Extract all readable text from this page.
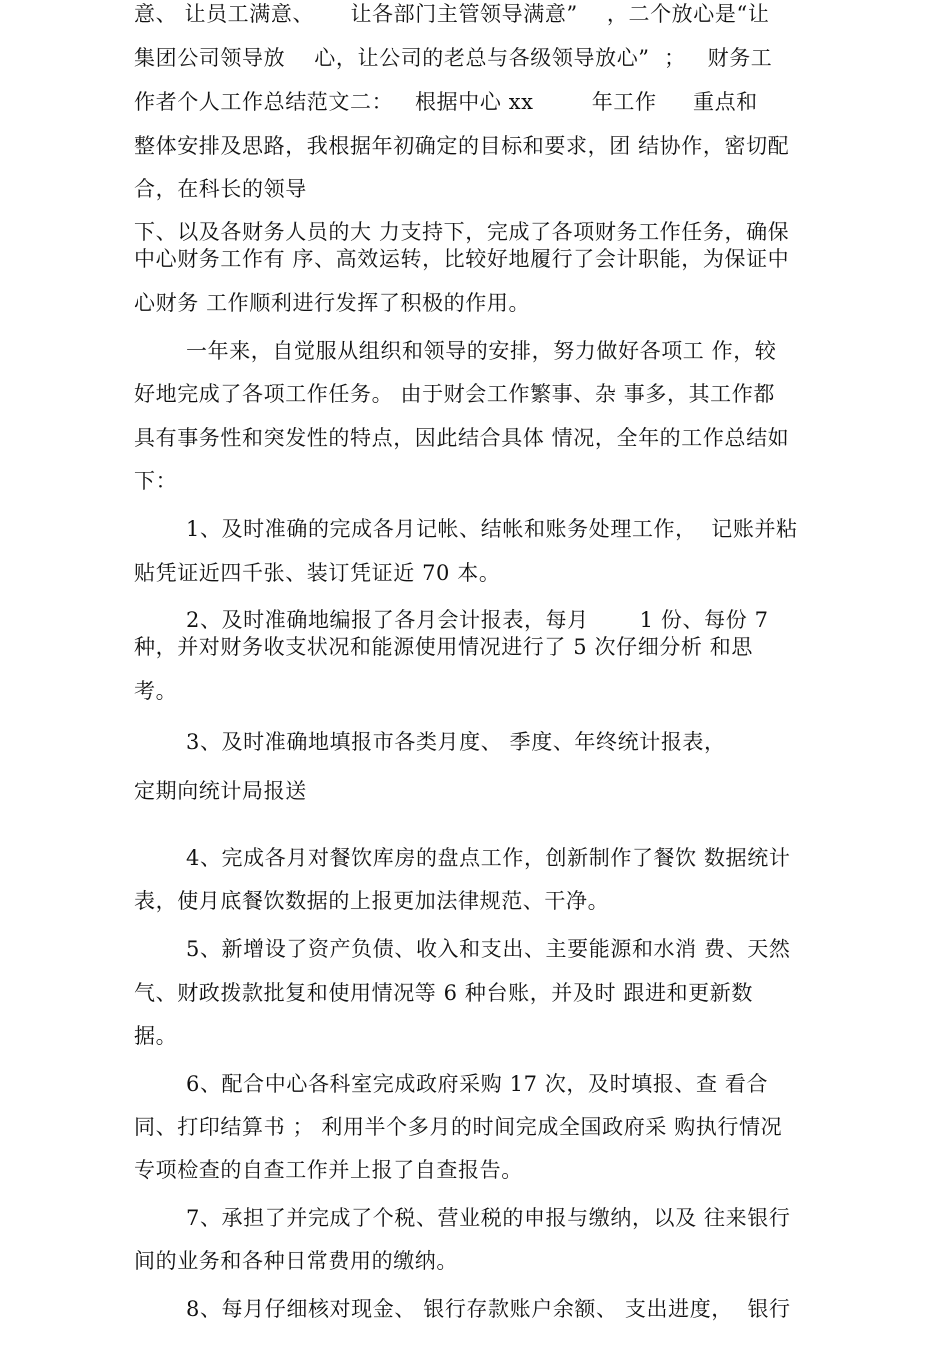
意、 让员工满意、     让各部门主管领导满意”    ，二个放心是“让
集团公司领导放    心，让公司的老总与各级领导放心”  ；   财务工
作者个人工作总结范文二：   根据中心 xx        年工作     重点和
整体安排及思路，我根据年初确定的目标和要求，团 结协作，密切配
合，在科长的领导
下、以及各财务人员的大 力支持下，完成了各项财务工作任务，确保
中心财务工作有 序、高效运转，比较好地履行了会计职能，为保证中
心财务 工作顺利进行发挥了积极的作用。
一年来，自觉服从组织和领导的安排，努力做好各项工 作，较
好地完成了各项工作任务。 由于财会工作繁事、杂 事多，其工作都
具有事务性和突发性的特点，因此结合具体 情况，全年的工作总结如
下：
1、及时准确的完成各月记帐、结帐和账务处理工作，  记账并粘
贴凭证近四千张、装订凭证近 70 本。
2、及时准确地编报了各月会计报表，每月       1 份、每份 7
种，并对财务收支状况和能源使用情况进行了 5 次仔细分析 和思
考。
3、及时准确地填报市各类月度、 季度、年终统计报表，
定期向统计局报送
4、完成各月对餐饮库房的盘点工作，创新制作了餐饮 数据统计
表，使月底餐饮数据的上报更加法律规范、干净。
5、新增设了资产负债、收入和支出、主要能源和水消 费、天然
气、财政拨款批复和使用情况等 6 种台账，并及时 跟进和更新数
据。
6、配合中心各科室完成政府采购 17 次，及时填报、查 看合
同、打印结算书 ； 利用半个多月的时间完成全国政府采 购执行情况
专项检查的自查工作并上报了自查报告。
7、承担了并完成了个税、营业税的申报与缴纳，以及 往来银行
间的业务和各种日常费用的缴纳。
8、每月仔细核对现金、 银行存款账户余额、 支出进度，  银行
